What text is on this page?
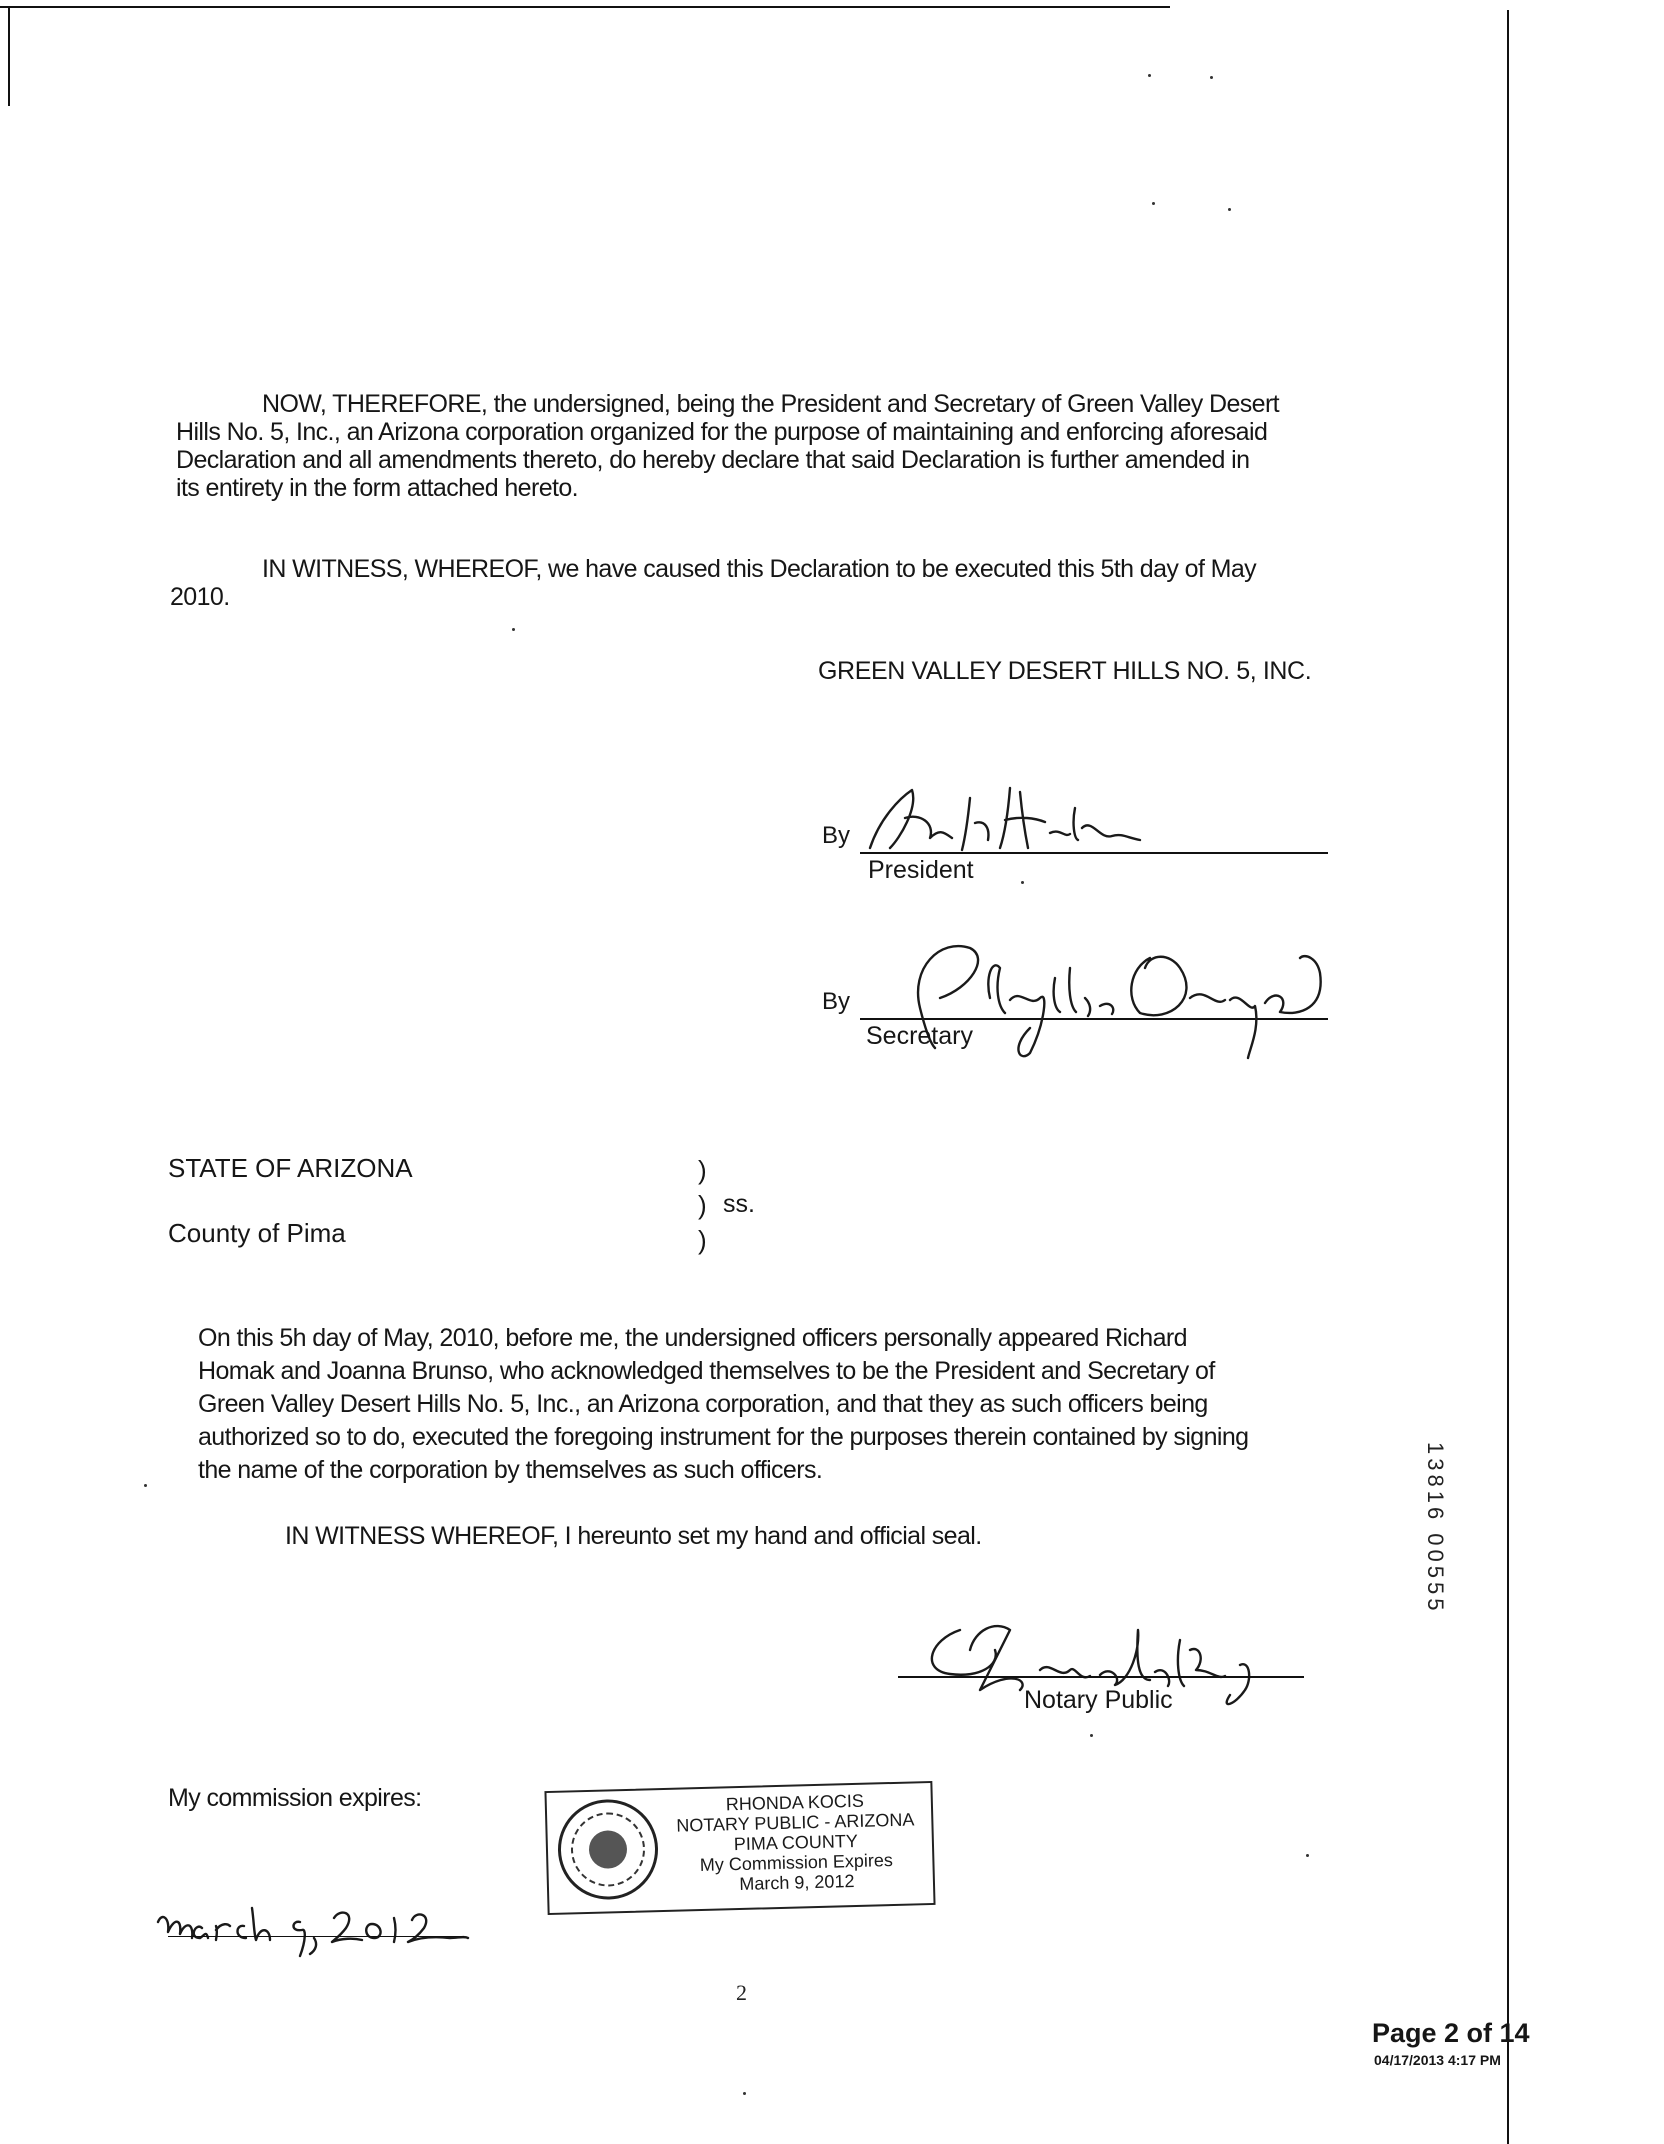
NOW, THEREFORE, the undersigned, being the President and Secretary of Green Valley Desert
Hills No. 5, Inc., an Arizona corporation organized for the purpose of maintaining and enforcing aforesaid
Declaration and all amendments thereto, do hereby declare that said Declaration is further amended in
its entirety in the form attached hereto.
IN WITNESS, WHEREOF, we have caused this Declaration to be executed this 5th day of May
2010.
GREEN VALLEY DESERT HILLS NO. 5, INC.
By
President
By
Secretary
STATE OF ARIZONA
County of Pima
)
)
)
ss.
On this 5h day of May, 2010, before me, the undersigned officers personally appeared Richard
Homak and Joanna Brunso, who acknowledged themselves to be the President and Secretary of
Green Valley Desert Hills No. 5, Inc., an Arizona corporation, and that they as such officers being
authorized so to do, executed the foregoing instrument for the purposes therein contained by signing
the name of the corporation by themselves as such officers.
IN WITNESS WHEREOF, I hereunto set my hand and official seal.
Notary Public
13816 00555
My commission expires:	RHONDA KOCIS
NOTARY PUBLIC - ARIZONA
PIMA COUNTY
My Commission Expires
March 9, 2012
2
Page 2 of 14
04/17/2013 4:17 PM
